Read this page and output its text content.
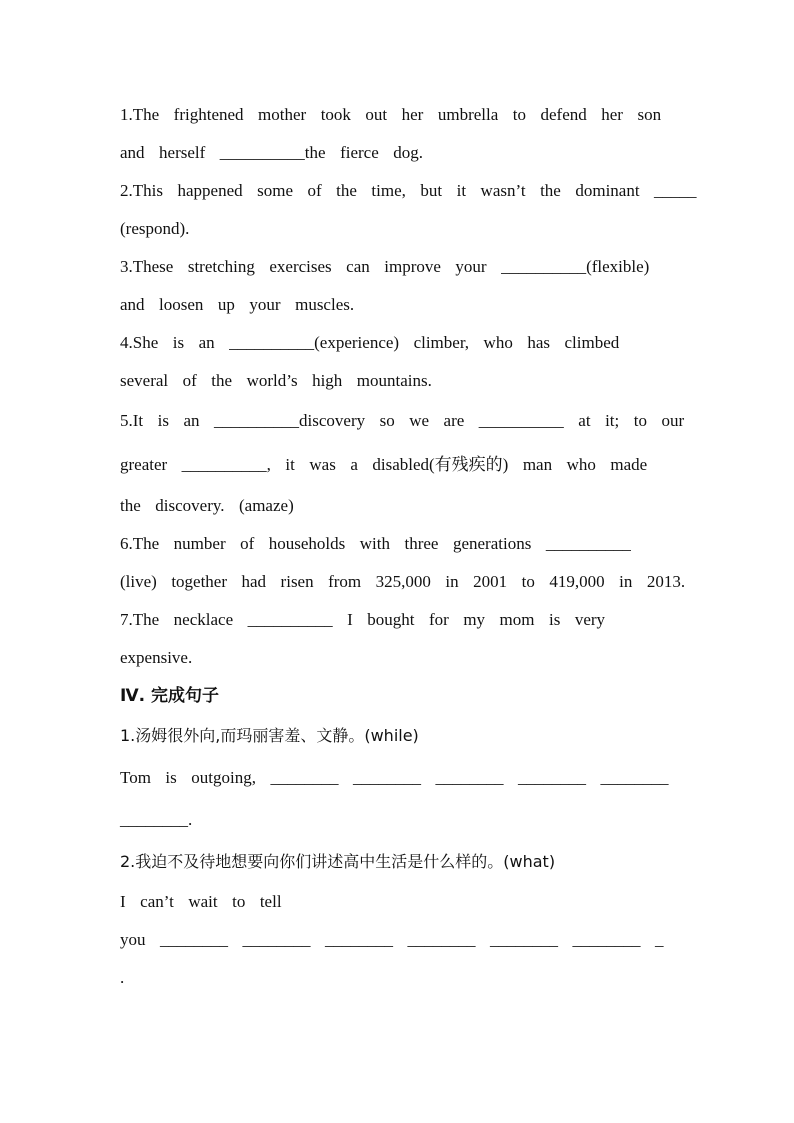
1.The  frightened  mother  took  out  her  umbrella  to  defend  her  son
and  herself  __________the  fierce  dog.
2.This  happened  some  of  the  time,  but  it  wasn’t  the  dominant  _____
(respond).
3.These  stretching  exercises  can  improve  your  __________(flexible)
and  loosen  up  your  muscles.
4.She  is  an  __________(experience)  climber,  who  has  climbed
several  of  the  world’s  high  mountains.
5.It  is  an  __________discovery  so  we  are  __________  at  it;  to  our
greater  __________,  it  was  a  disabled(有残疾的)  man  who  made
the  discovery.  (amaze)
6.The  number  of  households  with  three  generations  __________
(live)  together  had  risen  from  325,000  in  2001  to  419,000  in  2013.
7.The  necklace  __________  I  bought  for  my  mom  is  very
expensive.
Ⅳ. 完成句子
1.汤姆很外向,而玛丽害羞、文静。(while)
Tom  is  outgoing,  ________  ________  ________  ________  ________
________.
2.我迫不及待地想要向你们讲述高中生活是什么样的。(what)
I  can’t  wait  to  tell
you  ________  ________  ________  ________  ________  ________  _
.
